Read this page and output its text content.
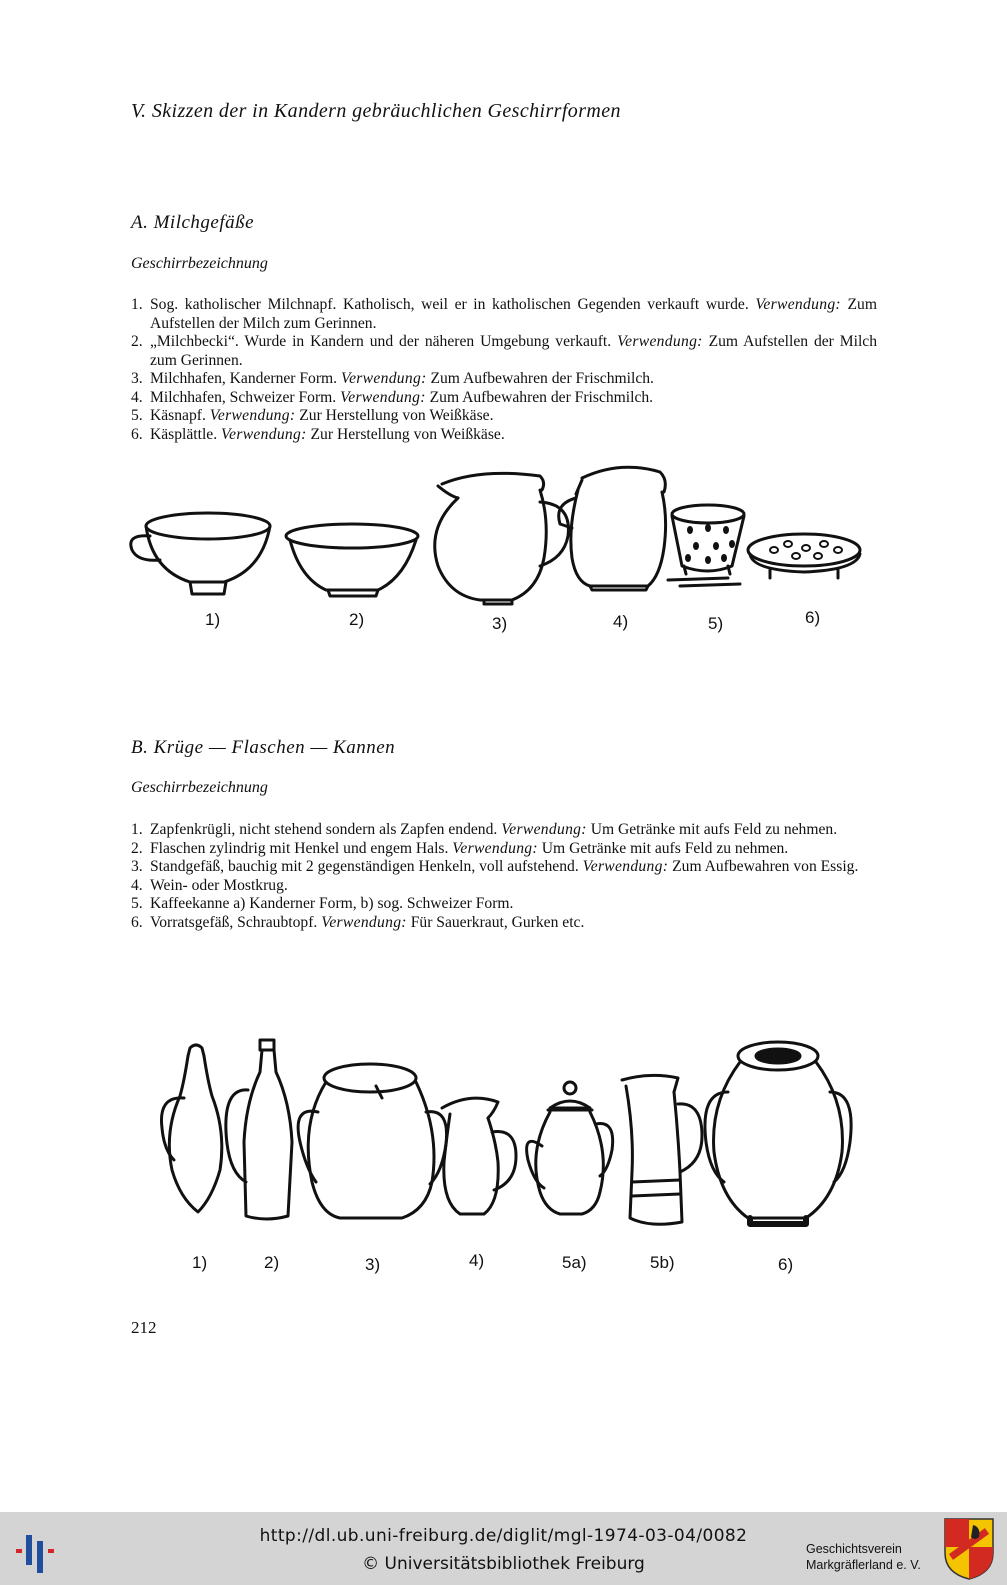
V. Skizzen der in Kandern gebräuchlichen Geschirrformen
A. Milchgefäße
Geschirrbezeichnung
1. Sog. katholischer Milchnapf. Katholisch, weil er in katholischen Gegenden verkauft wurde. Verwendung: Zum Aufstellen der Milch zum Gerinnen.
2. „Milchbecki“. Wurde in Kandern und der näheren Umgebung verkauft. Verwendung: Zum Aufstellen der Milch zum Gerinnen.
3. Milchhafen, Kanderner Form. Verwendung: Zum Aufbewahren der Frischmilch.
4. Milchhafen, Schweizer Form. Verwendung: Zum Aufbewahren der Frischmilch.
5. Käsnapf. Verwendung: Zur Herstellung von Weißkäse.
6. Käsplättle. Verwendung: Zur Herstellung von Weißkäse.
1)	2)	3)	4)	5)	6)
B. Krüge — Flaschen — Kannen
Geschirrbezeichnung
1. Zapfenkrügli, nicht stehend sondern als Zapfen endend. Verwendung: Um Getränke mit aufs Feld zu nehmen.
2. Flaschen zylindrig mit Henkel und engem Hals. Verwendung: Um Getränke mit aufs Feld zu nehmen.
3. Standgefäß, bauchig mit 2 gegenständigen Henkeln, voll aufstehend. Verwendung: Zum Aufbewahren von Essig.
4. Wein- oder Mostkrug.
5. Kaffeekanne a) Kanderner Form, b) sog. Schweizer Form.
6. Vorratsgefäß, Schraubtopf. Verwendung: Für Sauerkraut, Gurken etc.
1)	2)	3)	4)	5a)	5b)	6)
212
http://dl.ub.uni-freiburg.de/diglit/mgl-1974-03-04/0082
© Universitätsbibliothek Freiburg
Geschichtsverein
Markgräflerland e. V.
